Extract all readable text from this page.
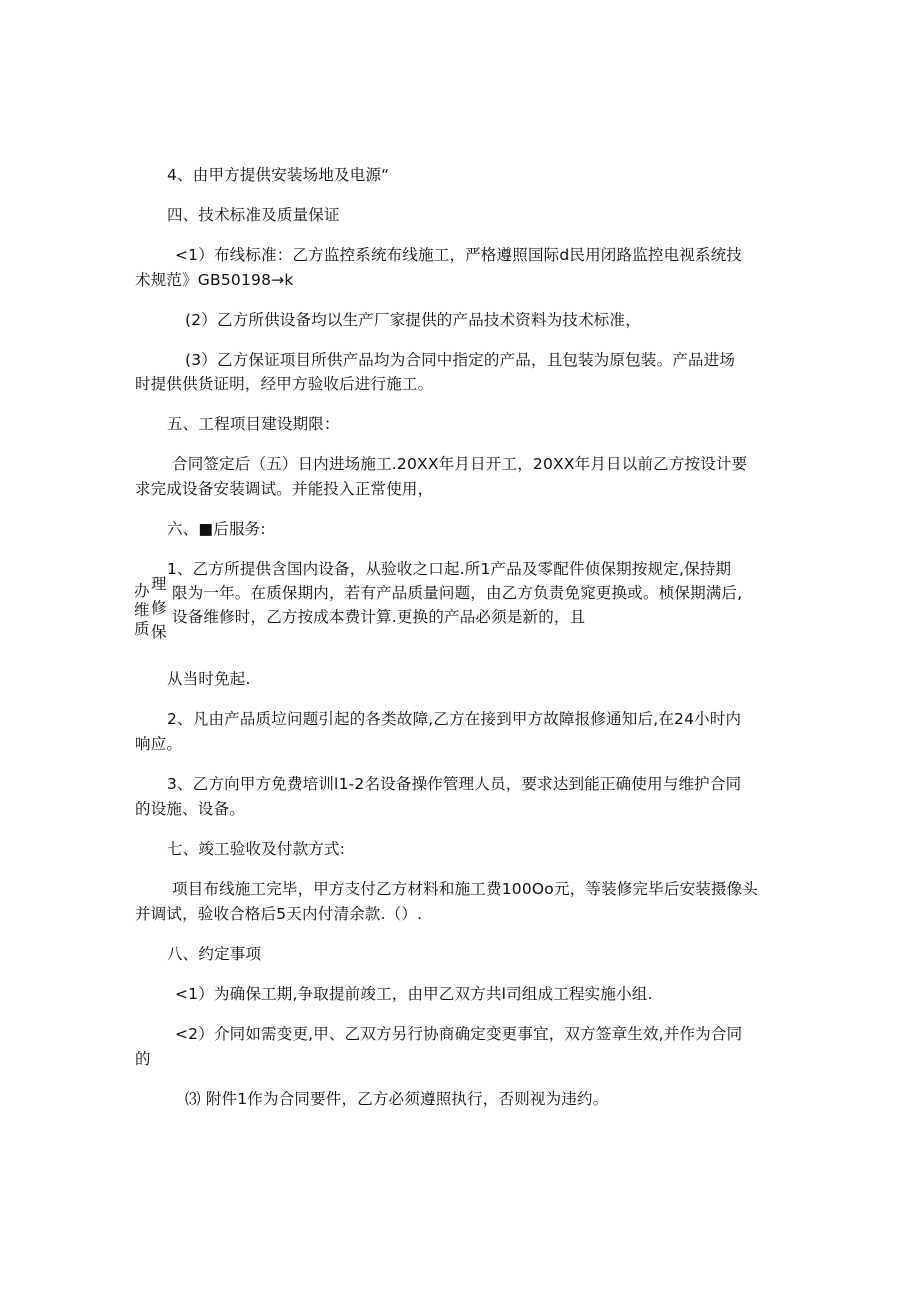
4、由甲方提供安装场地及电源“
四、技术标准及质量保证
<1）布线标准：乙方监控系统布线施工，严格遵照国际d民用闭路监控电视系统技
术规范》GB50198→k
(2）乙方所供设备均以生产厂家提供的产品技术资料为技术标准，
(3）乙方保证项目所供产品均为合同中指定的产品，且包装为原包装。产品进场
时提供供货证明，经甲方验收后进行施工。
五、工程项目建设期限：
合同签定后（五）日内进场施工.20XX年月日开工，20XX年月日以前乙方按设计要
求完成设备安装调试。并能投入正常使用，
六、■后服务:
1、乙方所提供含国内设备，从验收之口起.所1产品及零配件侦保期按规定,保持期
限为一年。在质保期内，若有产品质量问题，由乙方负责免窕更换或。桢保期满后,
设备维修时，乙方按成本费计算.更换的产品必须是新的，且
办 理
维 修
质 保
从当时免起.
2、凡由产品质垃问题引起的各类故障,乙方在接到甲方故障报修通知后,在24小时内
响应。
3、乙方向甲方免费培训l1-2名设备操作管理人员，要求达到能正确使用与维护合同
的设施、设备。
七、竣工验收及付款方式:
项目布线施工完毕，甲方支付乙方材料和施工费100Oo元，等装修完毕后安装摄像头
并调试，验收合格后5天内付清余款.（）.
八、约定事项
<1）为确保工期,争取提前竣工，由甲乙双方共l司组成工程实施小组.
<2）介同如需变更,甲、乙双方另行协商确定变更事宜，双方签章生效,并作为合同
的
⑶ 附件1作为合同要件，乙方必须遵照执行，否则视为违约。
